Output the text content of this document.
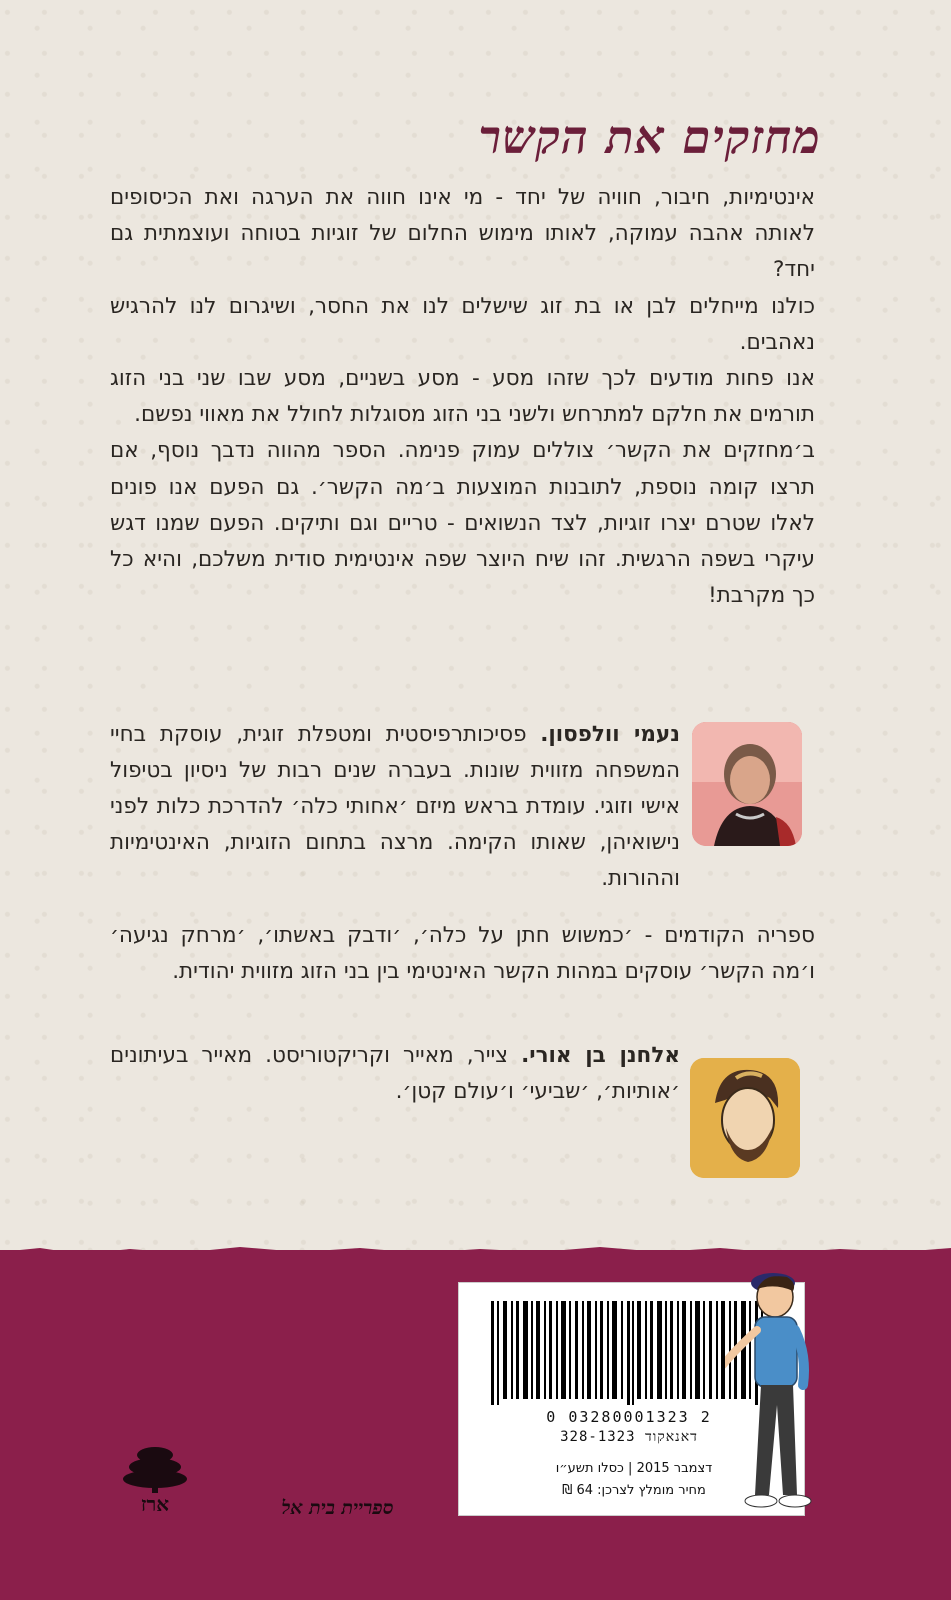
מחזקים את הקשר

אינטימיות, חיבור, חוויה של יחד - מי אינו חווה את הערגה ואת הכיסופים לאותה אהבה עמוקה, לאותו מימוש החלום של זוגיות בטוחה ועוצמתית גם יחד?

כולנו מייחלים לבן או בת זוג שישלים לנו את החסר, ושיגרום לנו להרגיש נאהבים.

אנו פחות מודעים לכך שזהו מסע - מסע בשניים, מסע שבו שני בני הזוג תורמים את חלקם למתרחש ולשני בני הזוג מסוגלות לחולל את מאווי נפשם.

ב׳מחזקים את הקשר׳ צוללים עמוק פנימה. הספר מהווה נדבך נוסף, אם תרצו קומה נוספת, לתובנות המוצעות ב׳מה הקשר׳. גם הפעם אנו פונים לאלו שטרם יצרו זוגיות, לצד הנשואים - טריים וגם ותיקים. הפעם שמנו דגש עיקרי בשפה הרגשית. זהו שיח היוצר שפה אינטימית סודית משלכם, והיא כל כך מקרבת!

נעמי וולפסון. פסיכותרפיסטית ומטפלת זוגית, עוסקת בחיי המשפחה מזווית שונות. בעברה שנים רבות של ניסיון בטיפול אישי וזוגי. עומדת בראש מיזם ׳אחותי כלה׳ להדרכת כלות לפני נישואיהן, שאותו הקימה. מרצה בתחום הזוגיות, האינטימיות וההורות.

ספריה הקודמים - ׳כמשוש חתן על כלה׳, ׳ודבק באשתו׳, ׳מרחק נגיעה׳ ו׳מה הקשר׳ עוסקים במהות הקשר האינטימי בין בני הזוג מזווית יהודית.

אלחנן בן אורי. צייר, מאייר וקריקטוריסט. מאייר בעיתונים ׳אותיות׳, ׳שביעי׳ ו׳עולם קטן׳.

ארז	ספריית בית אל
0 03280001323 2
דאנאקוד 328-1323
דצמבר 2015 | כסלו תשע״ו
מחיר מומלץ לצרכן: 64 ₪
